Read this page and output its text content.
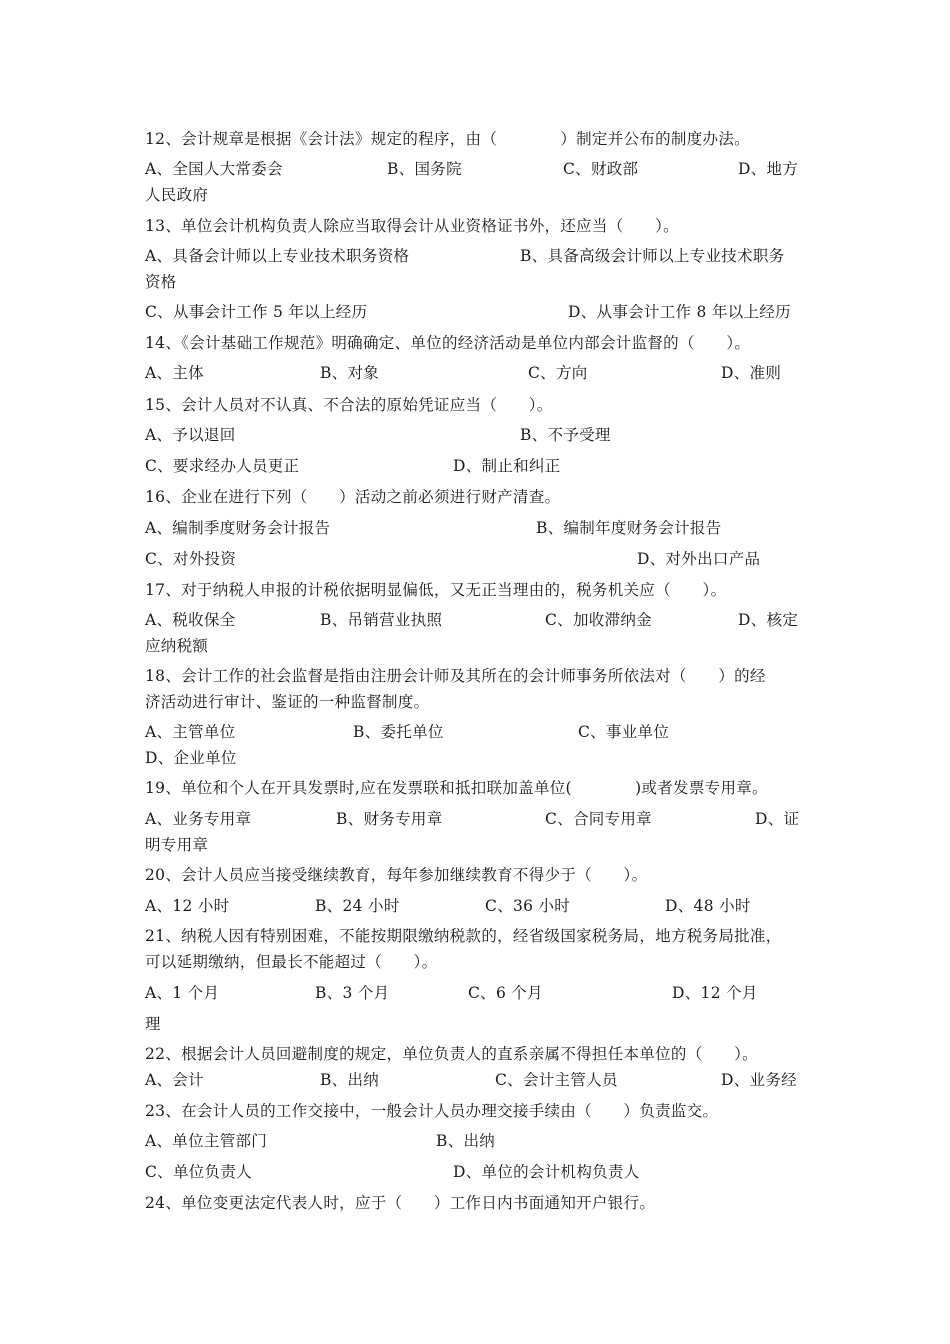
12、会计规章是根据《会计法》规定的程序，由（　　　　）制定并公布的制度办法。
A、全国人大常委会	B、国务院	C、财政部	D、地方
人民政府
13、单位会计机构负责人除应当取得会计从业资格证书外，还应当（　　）。
A、具备会计师以上专业技术职务资格	B、具备高级会计师以上专业技术职务
资格
C、从事会计工作 5 年以上经历	D、从事会计工作 8 年以上经历
14、《会计基础工作规范》明确确定、单位的经济活动是单位内部会计监督的（　　）。
A、主体	B、对象	C、方向	D、准则
15、会计人员对不认真、不合法的原始凭证应当（　　）。
A、予以退回	B、不予受理
C、要求经办人员更正	D、制止和纠正
16、企业在进行下列（　　）活动之前必须进行财产清查。
A、编制季度财务会计报告	B、编制年度财务会计报告
C、对外投资	D、对外出口产品
17、对于纳税人申报的计税依据明显偏低，又无正当理由的，税务机关应（　　）。
A、税收保全	B、吊销营业执照	C、加收滞纳金	D、核定
应纳税额
18、会计工作的社会监督是指由注册会计师及其所在的会计师事务所依法对（　　）的经
济活动进行审计、鉴证的一种监督制度。
A、主管单位	B、委托单位	C、事业单位
D、企业单位
19、单位和个人在开具发票时,应在发票联和抵扣联加盖单位(　　　　)或者发票专用章。
A、业务专用章	B、财务专用章	C、合同专用章	D、证
明专用章
20、会计人员应当接受继续教育，每年参加继续教育不得少于（　　）。
A、12 小时	B、24 小时	C、36 小时	D、48 小时
21、纳税人因有特别困难，不能按期限缴纳税款的，经省级国家税务局，地方税务局批准，
可以延期缴纳，但最长不能超过（　　）。
A、1 个月	B、3 个月	C、6 个月	D、12 个月
22、根据会计人员回避制度的规定，单位负责人的直系亲属不得担任本单位的（　　）。
A、会计	B、出纳	C、会计主管人员	D、业务经
理
23、在会计人员的工作交接中，一般会计人员办理交接手续由（　　）负责监交。
A、单位主管部门	B、出纳
C、单位负责人	D、单位的会计机构负责人
24、单位变更法定代表人时，应于（　　）工作日内书面通知开户银行。
